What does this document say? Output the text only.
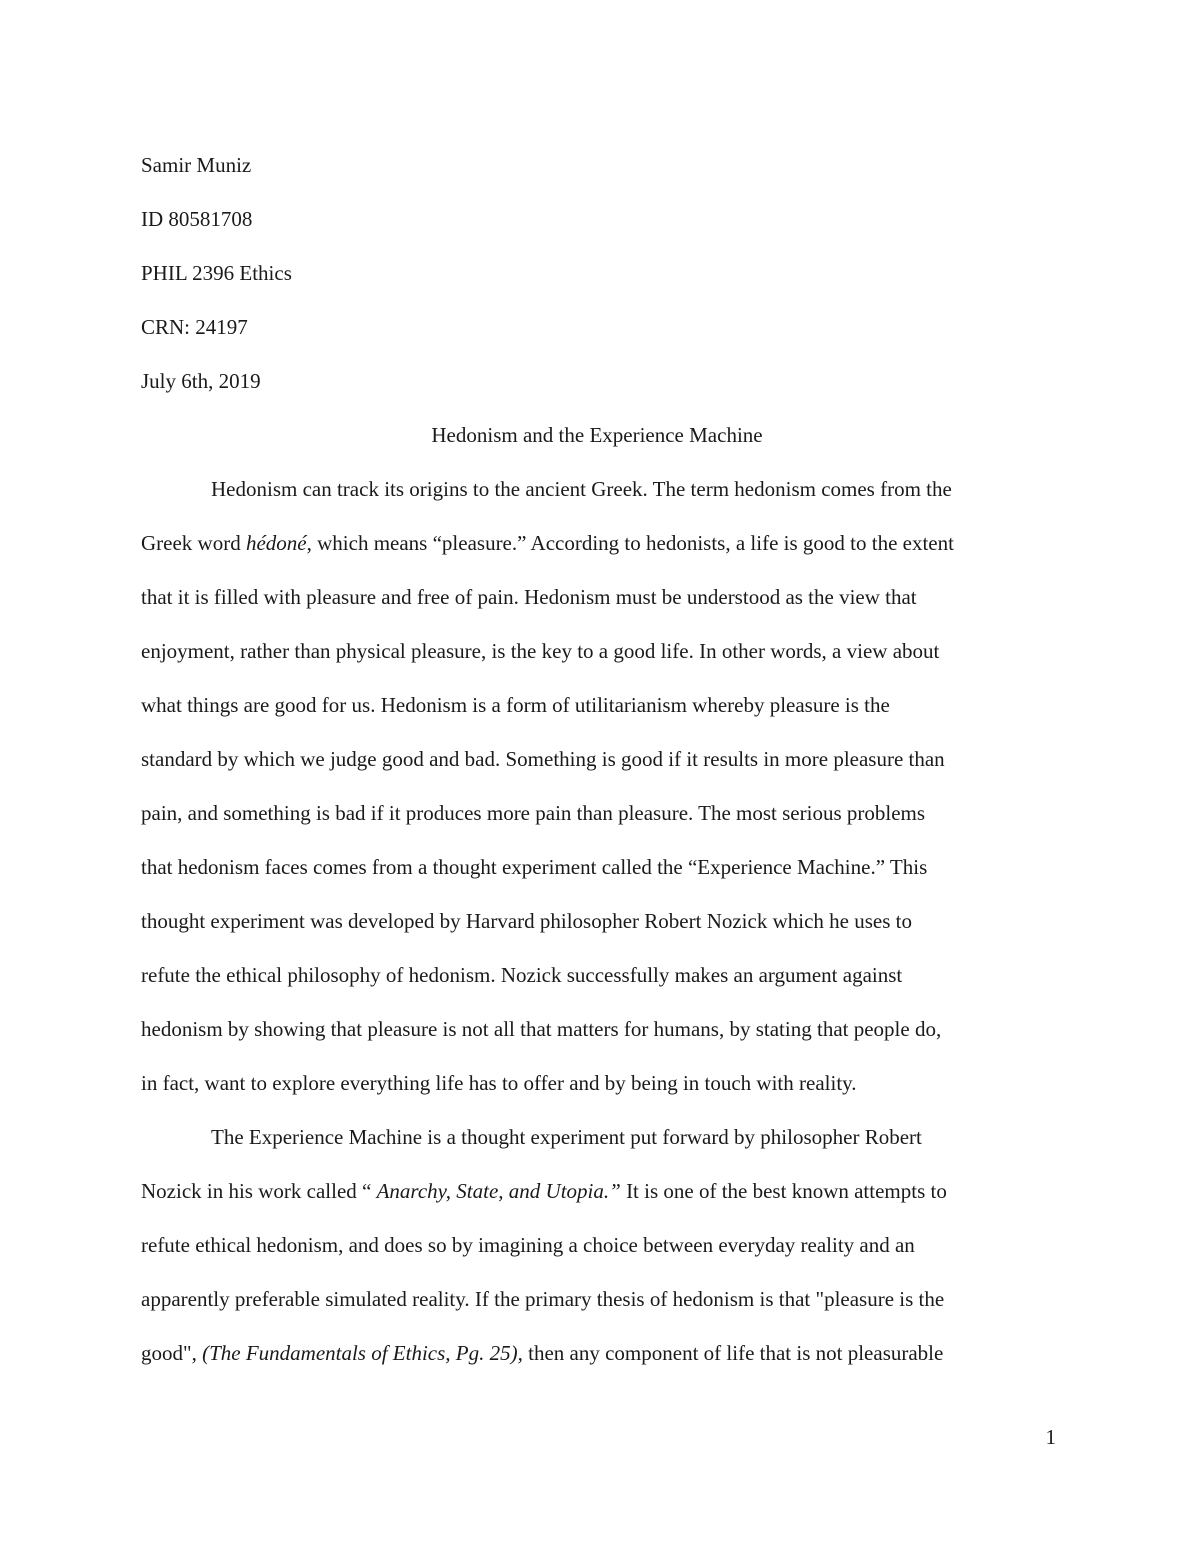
Samir Muniz

ID 80581708

PHIL 2396 Ethics

CRN: 24197

July 6th, 2019

Hedonism and the Experience Machine

Hedonism can track its origins to the ancient Greek. The term hedonism comes from the

Greek word hédoné, which means “pleasure.” According to hedonists, a life is good to the extent

that it is filled with pleasure and free of pain. Hedonism must be understood as the view that

enjoyment, rather than physical pleasure, is the key to a good life. In other words, a view about

what things are good for us. Hedonism is a form of utilitarianism whereby pleasure is the

standard by which we judge good and bad. Something is good if it results in more pleasure than

pain, and something is bad if it produces more pain than pleasure. The most serious problems

that hedonism faces comes from a thought experiment called the “Experience Machine.” This

thought experiment was developed by Harvard philosopher Robert Nozick which he uses to

refute the ethical philosophy of hedonism. Nozick successfully makes an argument against

hedonism by showing that pleasure is not all that matters for humans, by stating that people do,

in fact, want to explore everything life has to offer and by being in touch with reality.

The Experience Machine is a thought experiment put forward by philosopher Robert

Nozick in his work called “ Anarchy, State, and Utopia.” It is one of the best known attempts to

refute ethical hedonism, and does so by imagining a choice between everyday reality and an

apparently preferable simulated reality. If the primary thesis of hedonism is that "pleasure is the

good", (The Fundamentals of Ethics, Pg. 25), then any component of life that is not pleasurable

1
